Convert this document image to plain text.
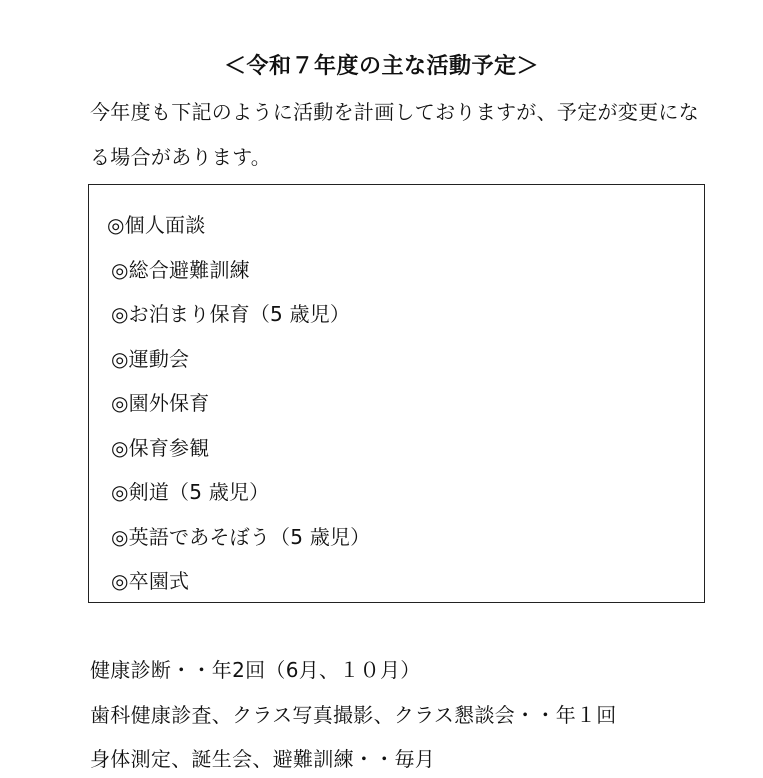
＜令和７年度の主な活動予定＞
今年度も下記のように活動を計画しておりますが、予定が変更にな
る場合があります。
◎個人面談
◎総合避難訓練
◎お泊まり保育（5 歳児）
◎運動会
◎園外保育
◎保育参観
◎剣道（5 歳児）
◎英語であそぼう（5 歳児）
◎卒園式
健康診断・・年2回（6月、１０月）
歯科健康診査、クラス写真撮影、クラス懇談会・・年１回
身体測定、誕生会、避難訓練・・毎月
